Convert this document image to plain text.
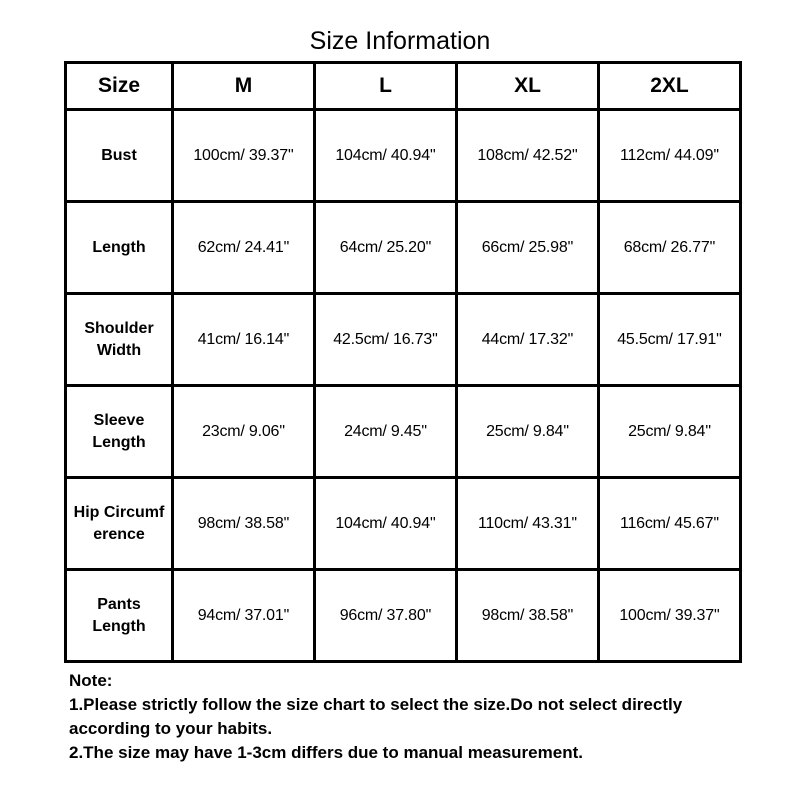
Size Information
Size	M	L	XL	2XL
Bust	100cm/ 39.37''	104cm/ 40.94''	108cm/ 42.52''	112cm/ 44.09''
Length	62cm/ 24.41''	64cm/ 25.20''	66cm/ 25.98''	68cm/ 26.77''
Shoulder Width	41cm/ 16.14''	42.5cm/ 16.73''	44cm/ 17.32''	45.5cm/ 17.91''
Sleeve Length	23cm/ 9.06''	24cm/ 9.45''	25cm/ 9.84''	25cm/ 9.84''
Hip Circumference	98cm/ 38.58''	104cm/ 40.94''	110cm/ 43.31''	116cm/ 45.67''
Pants Length	94cm/ 37.01''	96cm/ 37.80''	98cm/ 38.58''	100cm/ 39.37''

Note:

1.Please strictly follow the size chart to select the size.Do not select directly according to your habits.

2.The size may have 1-3cm differs due to manual measurement.
